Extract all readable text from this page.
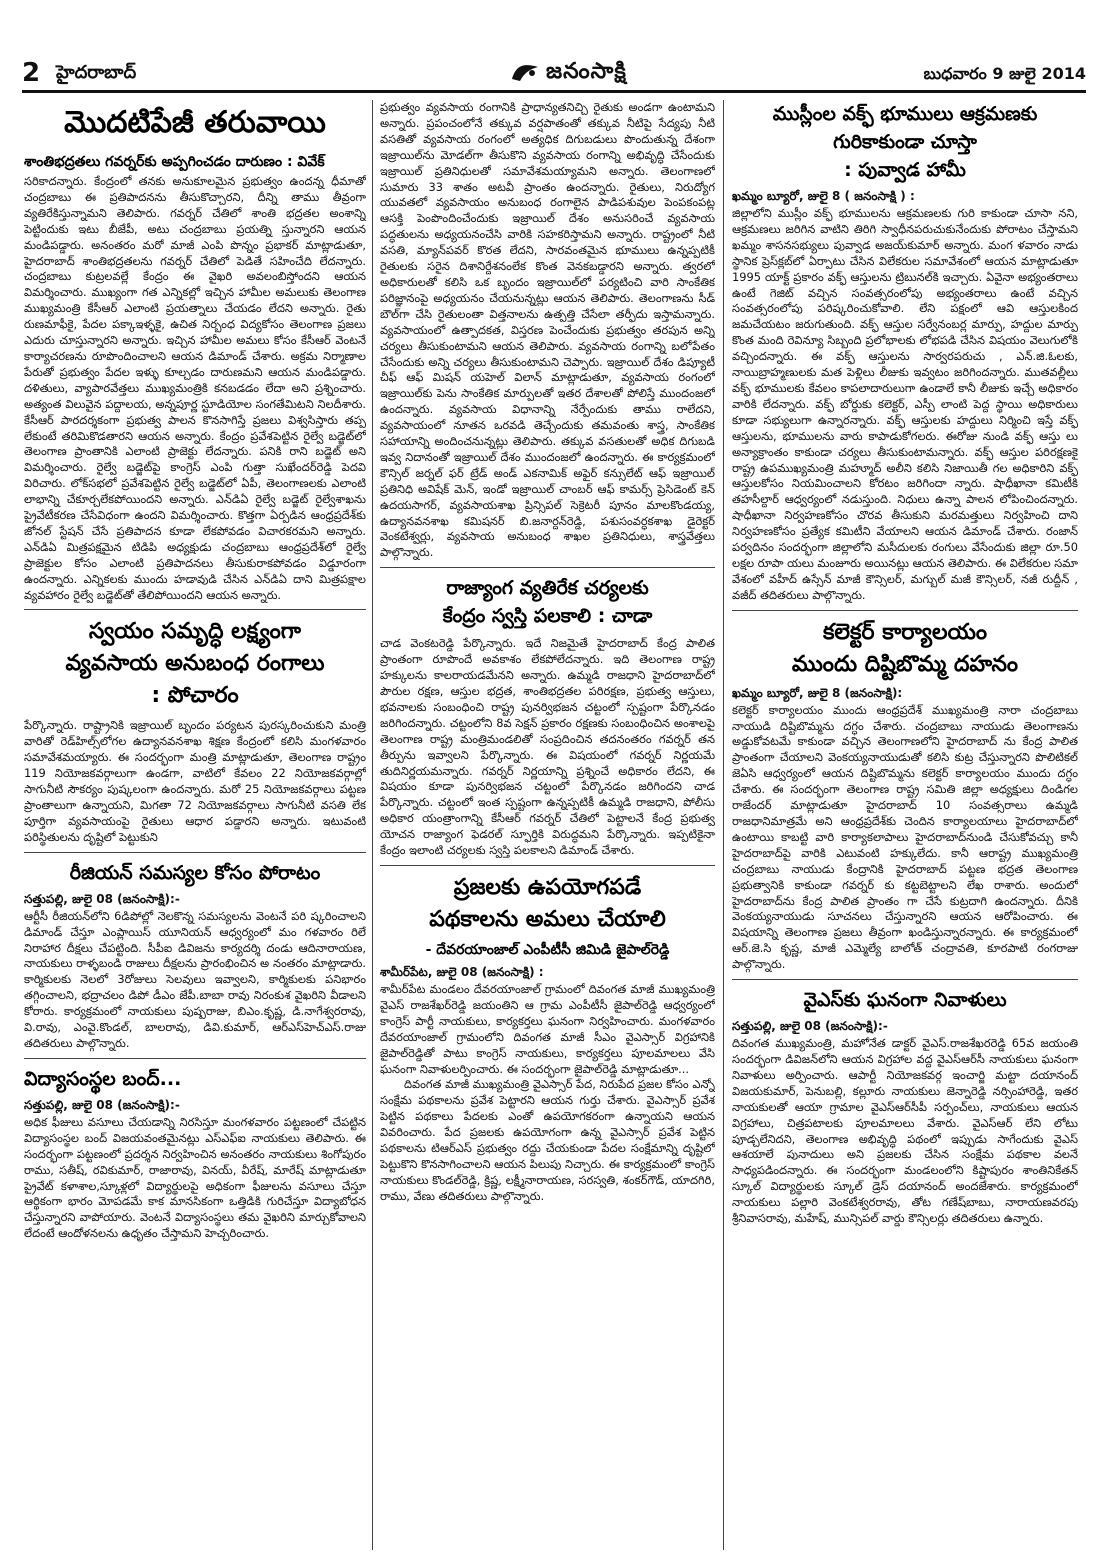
2 హైదరాబాద్	జనంసాక్షి	బుధవారం 9 జులై 2014
మొదటిపేజీ తరువాయి
శాంతిభద్రతలు గవర్నర్‌కు అప్పగించడం దారుణం : వివేక్

సరికాదన్నారు. కేంద్రంలో తనకు అనుకూలమైన ప్రభుత్వం ఉందన్న ధీమాతో చంద్రబాబు ఈ ప్రతిపాదనను తీసుకొచ్చారని, దీన్ని తాము తీవ్రంగా వ్యతిరేకిస్తున్నామని తెలిపారు. గవర్నర్ చేతిలో శాంతి భద్రతల అంశాన్ని పెట్టిందుకు ఇటు బీజేపీ, అటు చంద్రబాబు ప్రయత్ని స్తున్నారని ఆయన మండిపడ్డారు. అనంతరం మరో మాజీ ఎంపి పొన్నం ప్రభాకర్ మాట్లాడుతూ, హైదరాబాద్ శాంతిభద్రతలను గవర్నర్ చేతిలో పెడితే సహించేది లేదన్నారు. చంద్రబాబు కుట్రలవల్లే కేంద్రం ఈ వైఖరి అవలంబిస్తోందని ఆయన విమర్శించారు. ముఖ్యంగా గత ఎన్నికల్లో ఇచ్చిన హామీల అమలుకు తెలంగాణ ముఖ్యమంత్రి కేసీఆర్ ఎలాంటి ప్రయత్నాలు చేయడం లేదని అన్నారు. రైతు రుణమాఫీకై, పేదల పక్కాఇళ్ళకై, ఉచిత నిర్బంధ విద్యకోసం తెలంగాణ ప్రజలు ఎదురు చూస్తున్నారని అన్నారు. ఇచ్చిన హామీల అమలు కోసం కేసీఆర్ వెంటనే కార్యాచరణను రూపొందించాలని ఆయన డిమాండ్ చేశారు. అక్రమ నిర్మాణాల పేరుతో ప్రభుత్వం పేదల ఇళ్ళు కూల్చడం దారుణమని ఆయన మండిపడ్డారు. దళితులు, వ్యాపారవేత్తలు ముఖ్యమంత్రికి కనబడడం లేదా అని ప్రశ్నించారు. అత్యంత విలువైన పద్దాలయ, అన్నపూర్ణ స్టూడియోల సంగతేమిటని నిలదీశారు. కేసీఆర్ పారదర్శకంగా ప్రభుత్వ పాలన కొనసాగిస్తే ప్రజలు విశ్వసిస్తారు తప్ప లేకుంటే తరిమికొడతారని ఆయన అన్నారు. కేంద్రం ప్రవేశపెట్టిన రైల్వే బడ్జెట్‌లో తెలంగాణ ప్రాంతానికి ఎలాంటి ప్రాజెక్టు లేదన్నారు. పనికి రాని బడ్జెట్ అని విమర్శించారు. రైల్వే బడ్జెట్‌పై కాంగ్రెస్ ఎంపి గుత్తా సుఖేందర్‌రెడ్డి పెదవి విరిచారు. లోక్‌సభలో ప్రవేశపెట్టిన రైల్వే బడ్జెట్‌లో ఏపీ, తెలంగాణలకు ఎలాంటి లాభాన్ని చేకూర్చలేకపోయిందని అన్నారు. ఎన్‌డిఏ రైల్వే బడ్జెట్ రైల్వేశాఖను ప్రైవేటీకరణ చేసేవిధంగా ఉందని విమర్శించారు. కొత్తగా ఏర్పడిన ఆంధ్రప్రదేశ్‌కు జోనల్ స్టేషన్ చేసే ప్రతిపాదన కూడా లేకపోవడం విచారకరమని అన్నారు. ఎన్‌డిఏ మిత్రపక్షమైన టిడిపి అధ్యక్షుడు చంద్రబాబు ఆంధ్రప్రదేశ్‌లో రైల్వే ప్రాజెక్టుల కోసం ఎలాంటి ప్రతిపాదనలు తీసుకురాకపోవడం విడ్డూరంగా ఉందన్నారు. ఎన్నికలకు ముందు హడావుడి చేసిన ఎన్‌డిఏ దాని మిత్రపక్షాల వ్యవహారం రైల్వే బడ్జెట్‌తో తేలిపోయిందని ఆయన అన్నారు.

స్వయం సమృద్ధి లక్ష్యంగా
వ్యవసాయ అనుబంధ రంగాలు
: పోచారం

పేర్కొన్నారు. రాష్ట్రానికి ఇజ్రాయిల్ బృందం పర్యటన పురస్కరించుకుని మంత్రి వారితో రెడ్‌హిల్స్‌లోగల ఉద్యానవనశాఖ శిక్షణ కేంద్రంలో కలిసి మంగళవారం సమావేశమయ్యారు. ఈ సందర్భంగా మంత్రి మాట్లాడుతూ, తెలంగాణ రాష్ట్రం 119 నియోజకవర్గాలుగా ఉండగా, వాటిలో కేవలం 22 నియోజకవర్గాల్లో సాగునీటి సౌకర్యం పుష్కలంగా ఉందన్నారు. మరో 25 నియోజకవర్గాలు పట్టణ ప్రాంతాలుగా ఉన్నాయని, మిగతా 72 నియోజకవర్గాలు సాగునీటి వసతి లేక పూర్తిగా వ్యవసాయంపై రైతులు ఆధార పడ్డారని అన్నారు. ఇటువంటి పరిస్థితులను దృష్టిలో పెట్టుకుని

రీజియన్ సమస్యల కోసం పోరాటం
సత్తుపల్లి, జులై 08 (జనంసాక్షి):-

ఆర్టీసీ రీజియన్‌లోని 6డిపోల్లో నెలకొన్న సమస్యలను వెంటనే పరి ష్కరించాలని డిమాండ్ చేస్తూ ఎంప్లాయిస్ యూనియన్ ఆధ్వర్యంలో మం గళవారం రిలే నిరాహార దీక్షలు చేపట్టింది. సీపీఐ డివిజను కార్యదర్శి దండు ఆదినారాయణ, నాయకులు రాళ్ళబండి రాజులు దీక్షలను ప్రారంభించిన అ నంతరం మాట్లాడారు. కార్మికులకు నెలలో 3రోజులు సెలవులు ఇవ్వాలని, కార్మికులకు పనిభారం తగ్గించాలని, భద్రాచలం డిపో డీఎం జేపీ.బాబా రావు నిరంకుశ వైఖరిని వీడాలని కోరారు. కార్యక్రమంలో నాయకులు పుష్పరాజు, బిఎం.కృష్ణ, డి.నాగేశ్వరరావు, వి.రావు, ఎంవై.కొండల్, బాలరావు, డివి.కుమార్, ఆర్ఎస్‌హెచ్‌ఎస్.రాజు తదితరులు పాల్గొన్నారు.

విద్యాసంస్థల బంద్...
సత్తుపల్లి, జులై 08 (జనంసాక్షి):-

అధిక ఫీజులు వసూలు చేయడాన్ని నిరసిస్తూ మంగళవారం పట్టణంలో చేపట్టిన విద్యాసంస్థల బంద్ విజయవంతమైనట్లు ఎస్‌ఎఫ్ఐ నాయకులు తెలిపారు. ఈ సందర్భంగా పట్టణంలో ప్రదర్శన నిర్వహించిన అనంతరం నాయకులు శింగోపురం రాము, సతీష్, రవికుమార్, రాజారావు, వినయ్, వీరేష్, మారేష్ మాట్లాడుతూ ప్రైవేట్ కళాశాల,స్కూళ్లలో విద్యార్థులపై అధికంగా ఫీజులను వసూలు చేస్తూ ఆర్థికంగా భారం మోపడమే కాక మానసికంగా ఒత్తిడికి గురిచేస్తూ విద్యాబోధన చేస్తున్నారని వాపోయారు. వెంటనే విద్యాసంస్థలు తమ వైఖరిని మార్చుకోవాలని లేదంటే ఆందోళనలను ఉధృతం చేస్తామని హెచ్చరించారు.

ప్రభుత్వం వ్యవసాయ రంగానికి ప్రాధాన్యతనిచ్చి రైతుకు అండగా ఉంటామని అన్నారు. ప్రపంచంలోనే తక్కువ వర్షపాతంతో తక్కువ నీటిపై సేద్యపు నీటి వసతితో వ్యవసాయ రంగంలో అత్యధిక దిగుబడులు పొందుతున్న దేశంగా ఇజ్రాయిల్‌ను మోడల్‌గా తీసుకొని వ్యవసాయ రంగాన్ని అభివృద్ధి చేసేందుకు ఇజ్రాయిల్ ప్రతినిధులతో సమావేశమయ్యామని అన్నారు. తెలంగాణలో సుమారు 33 శాతం అటవీ ప్రాంతం ఉందన్నారు. రైతులు, నిరుద్యోగ యువతలో వ్యవసాయం అనుబంధ రంగాలైన పాడిపశువుల పెంపకంపట్ల ఆసక్తి పెంపొందించేందుకు ఇజ్రాయిల్ దేశం అనుసరించే వ్యవసాయ పద్ధతులను అధ్యయనంచేసి వారికి సహకరిస్తామని అన్నారు. రాష్ట్రంలో నీటి వసతి, మ్యాన్‌పవర్ కొరత లేదని, సారవంతమైన భూములు ఉన్నప్పటికీ రైతులకు సరైన దిశానిర్దేశనంలేక కొంత వెనకబడ్డారని అన్నారు. త్వరలో అధికారులతో కలిసి ఒక బృందం ఇజ్రాయిల్‌లో పర్యటించి వారి సాంకేతిక పరిజ్ఞానంపై అధ్యయనం చేయనున్నట్లు ఆయన తెలిపారు. తెలంగాణను సీడ్ బౌల్‌గా చేసి రైతులంతా విత్తనాలను ఉత్పత్తి చేసేలా తర్ఫీదు ఇస్తామన్నారు. వ్యవసాయంలో ఉత్పాదకత, విస్తరణ పెంచేందుకు ప్రభుత్వం తరపున అన్ని చర్యలు తీసుకుంటామని ఆయన తెలిపారు. వ్యవసాయ రంగాన్ని బలోపేతం చేసేందుకు అన్ని చర్యలు తీసుకుంటామని చెప్పారు. ఇజ్రాయిల్ దేశం డిప్యూటీ చీఫ్ ఆఫ్ మిషన్ యహెల్ విలాన్ మాట్లాడుతూ, వ్యవసాయ రంగంలో ఇజ్రాయిల్‌కు పెను సాంకేతిక మార్పులతో ఇతర దేశాలతో పోలిస్తే ముందంజలో ఉందన్నారు. వ్యవసాయ విధానాన్ని నేర్పేందుకు తాము రాలేదని, వ్యవసాయంలో నూతన ఒరవడి తెచ్చేందుకు తమవంతు శాస్త్ర, సాంకేతిక సహాయాన్ని అందించనున్నట్లు తెలిపారు. తక్కువ వసతులతో అధిక దిగుబడి ఇవ్వ నిదానంతో ఇజ్రాయిల్ దేశం ముందంజలో ఉందన్నారు. ఈ కార్యక్రమంలో కౌన్సిల్ జర్నల్ ఫర్ ట్రేడ్ అండ్ ఎకనామిక్ అఫైర్ కన్సులేట్ ఆఫ్ ఇజ్రాయిల్ ప్రతినిధి అవిషేక్ మెన్, ఇండో ఇజ్రాయిల్ చాంబర్ ఆఫ్ కామర్స్ ప్రెసిడెంట్ కెన్ ఉదయసాగర్, వ్యవసాయశాఖ ప్రిన్సిపల్ సెక్రెటరీ పూనం మాలకొండయ్య, ఉద్యానవనశాఖ కమిషనర్ బి.జనార్దన్‌రెడ్డి, పశుసంవర్ధకశాఖ డైరెక్టర్ వెంకటేశ్వర్లు, వ్యవసాయ అనుబంధ శాఖల ప్రతినిధులు, శాస్త్రవేత్తలు పాల్గొన్నారు.

రాజ్యాంగ వ్యతిరేక చర్యలకు
కేంద్రం స్వస్తి పలకాలి : చాడా

చాడ వెంకటరెడ్డి పేర్కొన్నారు. ఇదే నిజమైతే హైదరాబాద్ కేంద్ర పాలిత ప్రాంతంగా రూపొందే అవకాశం లేకపోలేదన్నారు. ఇది తెలంగాణ రాష్ట్ర హక్కులను కాలరాయడమేనని అన్నారు. ఉమ్మడి రాజధాని హైదరాబాద్‌లో పౌరుల రక్షణ, ఆస్తుల భద్రత, శాంతిభద్రతల పరిరక్షణ, ప్రభుత్వ ఆస్తులు, భవనాలకు సంబంధించి రాష్ట్ర పునర్విభజన చట్టంలో స్పష్టంగా పేర్కొనడం జరిగిందన్నారు. చట్టంలోని 8వ సెక్షన్ ప్రకారం రక్షణకు సంబంధించిన అంశాలపై తెలంగాణ రాష్ట్ర మంత్రిమండలితో సంప్రదించిన తదనంతరం గవర్నర్ తన తీర్పును ఇవ్వాలని పేర్కొన్నారు. ఈ విషయంలో గవర్నర్ నిర్ణయమే తుదినిర్ణయమన్నారు. గవర్నర్ నిర్ణయాన్ని ప్రశ్నించే అధికారం లేదని, ఈ విషయం కూడా పునర్విభజన చట్టంలో పేర్కొనడం జరిగిందని చాడ పేర్కొన్నారు. చట్టంలో ఇంత స్పష్టంగా ఉన్నప్పటికీ ఉమ్మడి రాజధాని, పోలీసు అధికార యంత్రాంగాన్ని కేసీఆర్ గవర్నర్ చేతిలో పెట్టాలనే కేంద్ర ప్రభుత్వ యోచన రాజ్యాంగ ఫెడరల్ స్ఫూర్తికి విరుద్ధమని పేర్కొన్నారు. ఇప్పటికైనా కేంద్రం ఇలాంటి చర్యలకు స్వస్తి పలకాలని డిమాండ్ చేశారు.

ప్రజలకు ఉపయోగపడే
పథకాలను అమలు చేయాలి
- దేవరయాంజాల్ ఎంపీటీసీ జిమిడి జైపాల్‌రెడ్డి
శామీర్‌పేట, జులై 08 (జనంసాక్షి) :

శామీర్‌పేట మండలం దేవరయాంజాల్ గ్రామంలో దివంగత మాజీ ముఖ్యమంత్రి వైఎస్ రాజశేఖర్‌రెడ్డి జయంతిని ఆ గ్రామ ఎంపీటీసీ జైపాల్‌రెడ్డి ఆధ్వర్యంలో కాంగ్రెస్ పార్టీ నాయకులు, కార్యకర్తలు ఘనంగా నిర్వహించారు. మంగళవారం దేవరయాంజాల్ గ్రామంలోని దివంగత మాజీ సీఎం వైఎస్సార్ విగ్రహానికి జైపాల్‌రెడ్డితో పాటు కాంగ్రెస్ నాయకులు, కార్యకర్తలు పూలమాలలు వేసి ఘనంగా నివాళులర్పించారు. ఈ సందర్భంగా జైపాల్‌రెడ్డి మాట్లాడుతూ...

దివంగత మాజీ ముఖ్యమంత్రి వైఎస్సార్ పేద, నిరుపేద ప్రజల కోసం ఎన్నో సంక్షేమ పథకాలను ప్రవేశ పెట్టారని ఆయన గుర్తు చేశారు. వైఎస్సార్ ప్రవేశ పెట్టిన పథకాలు పేదలకు ఎంతో ఉపయోగకరంగా ఉన్నాయని ఆయన వివరించారు. పేద ప్రజలకు ఉపయోగంగా ఉన్న వైఎస్సార్ ప్రవేశ పెట్టిన పథకాలను టిఆర్ఎస్ ప్రభుత్వం రద్దు చేయకుండా పేదల సంక్షేమాన్ని దృష్టిలో పెట్టుకొని కొనసాగించాలని ఆయన పిలుపు నిచ్చారు. ఈ కార్యక్రమంలో కాంగ్రెస్ నాయకులు కొండల్‌రెడ్డి, క్రిష్ణ, లక్ష్మీనారాయణ, సరస్వతి, శంకర్‌గౌడ్, యాదగిరి, రాము, వేణు తదితరులు పాల్గొన్నారు.

ముస్లీంల వక్ఫ్ భూములు ఆక్రమణకు
గురికాకుండా చూస్తా
: పువ్వాడ హామీ
ఖమ్మం బ్యూరో, జులై 8 ( జనంసాక్షి ) :

జిల్లాలోని ముస్లీం వక్ఫ్ భూములను ఆక్రమణలకు గురి కాకుండా చూసా నని, ఆక్రమణలు జరిగిన వాటిని తిరిగి స్వాధీనపరుచుకునేందుకు పోరాటం చేస్తామని ఖమ్మం శాసనసభ్యులు పువ్వాడ అజయ్‌కుమార్ అన్నారు. మంగ ళవారం నాడు స్థానిక ప్రెస్‌క్లబ్‌లో ఏర్పాటు చేసిన విలేకరుల సమావేశంలో ఆయన మాట్లాడుతూ 1995 యాక్ట్ ప్రకారం వక్ఫ్ ఆస్తులను ట్రిబునల్‌కి ఇచ్చారు. ఏవైనా అభ్యంతరాలు ఉంటే గెజిట్ వచ్చిన సంవత్సరంలోపు అభ్యంతరాలు ఉంటే వచ్చిన సంవత్సరంలోపు పరిష్కరించుకోవాలి. లేని పక్షంలో ఆవి ఆస్తులకింద జమచేయటం జరుగుతుంది. వక్ఫ్ ఆస్తుల సర్వేనంబర్ల మార్పు, హద్దుల మార్పు కొంత మంది రెవిన్యూ సిబ్బంది ప్రలోభాలకు లోభపడి చేసిన విషయం వెలుగులోకి వచ్చిందన్నారు. ఈ వక్ఫ్ ఆస్తులను సార్వరపరుచు , ఎన్.జి.ఓలకు, నాయిబ్రాహ్మణులకు మత పెళ్లిలు లీజుకు ఇవ్వటం జరిగిందన్నారు. ముతవల్లీలు వక్ఫ్ భూములకు కేవలం కాపలాదారులుగా ఉండాలే కానీ లీజుకు ఇచ్చే అధికారం వారికి లేదన్నారు. వక్ఫ్ బోర్డుకు కలెక్టర్, ఎస్పీ లాంటి పెద్ద స్థాయి అధికారులు కూడా సభ్యులుగా ఉన్నారన్నారు. వక్ఫ్ ఆస్తులకు హద్దులు నిర్మించి ఇస్తే వక్ఫ్ ఆస్తులను, భూములను వారు కాపాడుకోగలరు. ఈరోజు నుండి వక్ఫ్ ఆస్తు లు అన్యాక్రాంతం కాకుండా చర్యలు తీసుకుంటామన్నారు. వక్ఫ్ ఆస్తుల పరిరక్షణకై రాష్ట్ర ఉపముఖ్యమంత్రి మహ్మూద్ అలీని కలిసి నిజాయితీ గల అధికారిని వక్ఫ్ ఆస్తులకోసం నియమించాలని కోరటం జరిగిందా న్నారు. షాధీఖానా కమిటీకి తహసీల్దార్ ఆధ్వర్యంలో నడుస్తుంది. నిధులు ఉన్నా పాలన లోపించిందన్నారు. షాధీఖానా నిర్వహణకోసం చొరవ తీసుకుని మరమత్తులు నిర్వహించి దాని నిర్వహణకోసం ప్రత్యేక కమిటీని వేయాలని ఆయన డిమాండ్ చేశారు. రంజాన్ పర్వదినం సందర్భంగా జిల్లాలోని మసీదులకు రంగులు వేసేందుకు జిల్లా రూ.50 లక్షల రూపా యలు మంజూరు అయినట్లు ఆయన తెలిపారు. ఈ విలేకరుల సమా వేశంలో వహీద్ ఉస్సేన్ మాజీ కౌన్సిలర్, మగ్బుల్ మజీ కౌన్సిలర్, నజీ రుద్దీన్ , వజీద్ తదితరులు పాల్గొన్నారు.

కలెక్టర్ కార్యాలయం
ముందు దిష్టిబొమ్మ దహనం
ఖమ్మం బ్యూరో, జులై 8 (జనంసాక్షి):

కలెక్టర్ కార్యాలయం ముందు ఆంధ్రప్రదేశ్ ముఖ్యమంత్రి నారా చంద్రబాబు నాయుడి దిష్టిబొమ్మను దగ్ధం చేశారు. చంద్రబాబు నాయుడు తెలంగాణను అడ్డుకోవటమే కాకుండా వచ్చిన తెలంగాణలోని హైదరాబాద్ ను కేంద్ర పాలిత ప్రాంతంగా చేయాలని వెంకయ్యనాయుడుతో కలిసి కుట్ర చేస్తున్నారని పొలిటికల్ జెఏసి ఆధ్వర్యంలో ఆయన దిష్టిబొమ్మను కలెక్టర్ కార్యాలయం ముందు దగ్ధం చేశారు. ఈ సందర్భంగా తెలంగాణ రాష్ట్ర సమితి జిల్లా అధ్యక్షులు దిండిగల రాజేందర్ మాట్లాడుతూ హైదరాబాద్ 10 సంవత్సరాలు ఉమ్మడి రాజధానిమాత్రమే అని ఆంధ్రప్రదేశ్‌కు చెందిన కార్యాలయాలు హైదరాబాద్‌లో ఉంటాయి కాబట్టి వారి కార్యాకలాపాలు హైదరాబాద్‌నుండి చేసుకోవచ్చు కానీ హైదరాబాద్‌పై వారికి ఎటువంటి హక్కులేదు. కానీ ఆరాష్ట్ర ముఖ్యమంత్రి చంద్రబాబు నాయుడు కేంద్రానికి హైదరాబాద్ పట్టణ భద్రత తెలంగాణ ప్రభుత్వానికి కాకుండా గవర్నర్ కు కట్టబెట్టాలని లేఖ రాశారు. అందులో హైదరాబాద్‌ను కేంద్ర పాలిత ప్రాంతం గా చేసే కుట్రదాగి ఉందన్నారు. దీనికి వెంకయ్యనాయుడు సూచనలు చేస్తున్నారని ఆయన ఆరోపించారు. ఈ విషయాన్ని తెలంగాణ ప్రజలు తీవ్రంగా ఖండిస్తున్నారన్నారు. ఈ కార్యక్రమంలో ఆర్.జె.సి కృష్ణ, మాజీ ఎమ్మెల్యే బాలోత్ చంద్రావతి, కూరపాటి రంగరాజు పాల్గొన్నారు.

వైఎస్‌కు ఘనంగా నివాళులు
సత్తుపల్లి, జులై 08 (జనంసాక్షి):-

దివంగత ముఖ్యమంత్రి, మహోనేత డాక్టర్ వైఎస్.రాజశేఖరరెడ్డి 65వ జయంతి సందర్భంగా డివిజన్‌లోని ఆయన విగ్రహాల వద్ద వైఎస్‌ఆర్‌సీ నాయకులు ఘనంగా నివాళులు అర్పించారు. ఆపార్టీ నియోజకవర్గ ఇంచార్జి మట్టా దయానంద్ విజయకుమార్, పెనుబల్లి, కల్లూరు నాయకులు జెన్నారెడ్డి నర్సింహారెడ్డి, ఇతర నాయకులతో ఆయా గ్రామాల వైఎస్‌ఆర్‌సీపీ సర్పంచ్‌లు, నాయకులు ఆయన విగ్రహాలు, చిత్రపటాలకు పూలమాలలు వేశారు. వైఎస్‌ఆర్ లేని లోటు పూడ్చలేనిదని, తెలంగాణ అభివృద్ధి పథంలో ఇప్పుడు సాగేందుకు వైఎస్ ఆశయాలే పునాదులు అని ప్రజలకు చేసిన సంక్షేమ పథకాల వలనే సాధ్యపడిందన్నారు. ఈ సందర్భంగా మండలంలోని కిష్టాపురం శాంతినికేతన్ స్కూల్ విద్యార్థులకు స్కూల్ డ్రెస్ దయానంద్ అందజేశారు. కార్యక్రమంలో నాయకులు పల్లారి వెంకటేశ్వరరావు, తోట గణేష్‌బాబు, నారాయణవరపు శ్రీనివాసరావు, మహేష్, మున్సిపల్ వార్డు కౌన్సిలర్లు తదితరులు ఉన్నారు.
